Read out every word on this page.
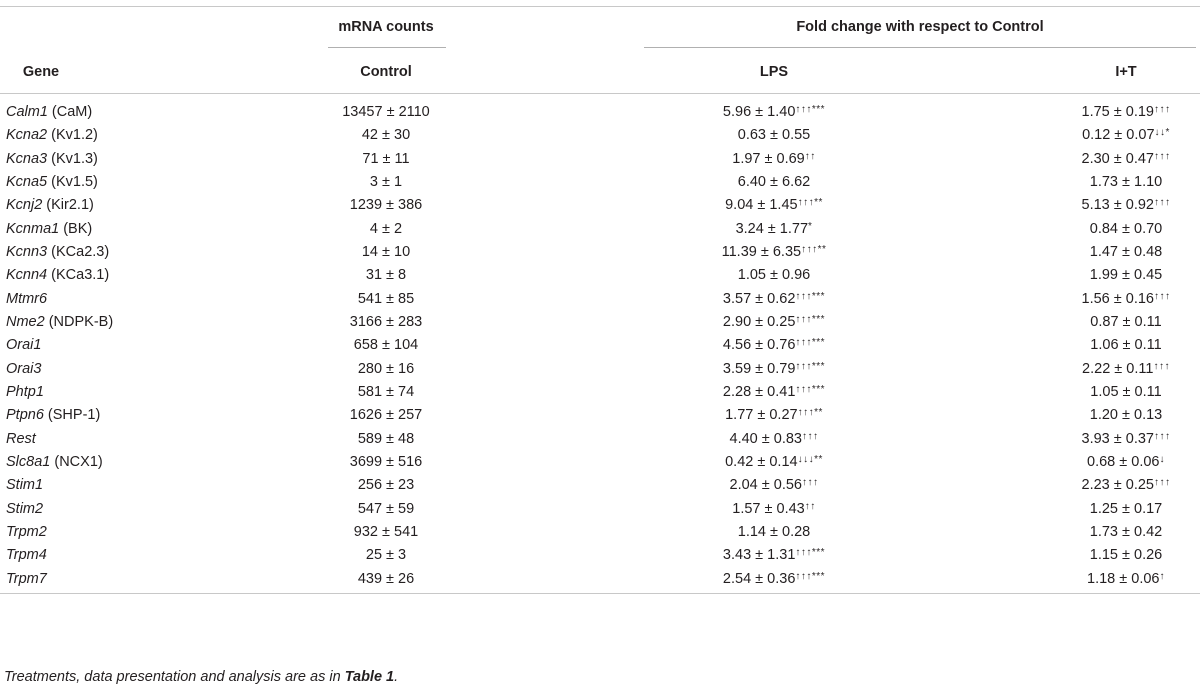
mRNA counts	Fold change with respect to Control
Gene	Control	LPS	I+T
Calm1 (CaM)	13457 ± 2110	5.96 ± 1.40↑↑↑***	1.75 ± 0.19↑↑↑
Kcna2 (Kv1.2)	42 ± 30	0.63 ± 0.55	0.12 ± 0.07↓↓*
Kcna3 (Kv1.3)	71 ± 11	1.97 ± 0.69↑↑	2.30 ± 0.47↑↑↑
Kcna5 (Kv1.5)	3 ± 1	6.40 ± 6.62	1.73 ± 1.10
Kcnj2 (Kir2.1)	1239 ± 386	9.04 ± 1.45↑↑↑**	5.13 ± 0.92↑↑↑
Kcnma1 (BK)	4 ± 2	3.24 ± 1.77*	0.84 ± 0.70
Kcnn3 (KCa2.3)	14 ± 10	11.39 ± 6.35↑↑↑**	1.47 ± 0.48
Kcnn4 (KCa3.1)	31 ± 8	1.05 ± 0.96	1.99 ± 0.45
Mtmr6	541 ± 85	3.57 ± 0.62↑↑↑***	1.56 ± 0.16↑↑↑
Nme2 (NDPK-B)	3166 ± 283	2.90 ± 0.25↑↑↑***	0.87 ± 0.11
Orai1	658 ± 104	4.56 ± 0.76↑↑↑***	1.06 ± 0.11
Orai3	280 ± 16	3.59 ± 0.79↑↑↑***	2.22 ± 0.11↑↑↑
Phtp1	581 ± 74	2.28 ± 0.41↑↑↑***	1.05 ± 0.11
Ptpn6 (SHP-1)	1626 ± 257	1.77 ± 0.27↑↑↑**	1.20 ± 0.13
Rest	589 ± 48	4.40 ± 0.83↑↑↑	3.93 ± 0.37↑↑↑
Slc8a1 (NCX1)	3699 ± 516	0.42 ± 0.14↓↓↓**	0.68 ± 0.06↓
Stim1	256 ± 23	2.04 ± 0.56↑↑↑	2.23 ± 0.25↑↑↑
Stim2	547 ± 59	1.57 ± 0.43↑↑	1.25 ± 0.17
Trpm2	932 ± 541	1.14 ± 0.28	1.73 ± 0.42
Trpm4	25 ± 3	3.43 ± 1.31↑↑↑***	1.15 ± 0.26
Trpm7	439 ± 26	2.54 ± 0.36↑↑↑***	1.18 ± 0.06↑
Treatments, data presentation and analysis are as in Table 1.
